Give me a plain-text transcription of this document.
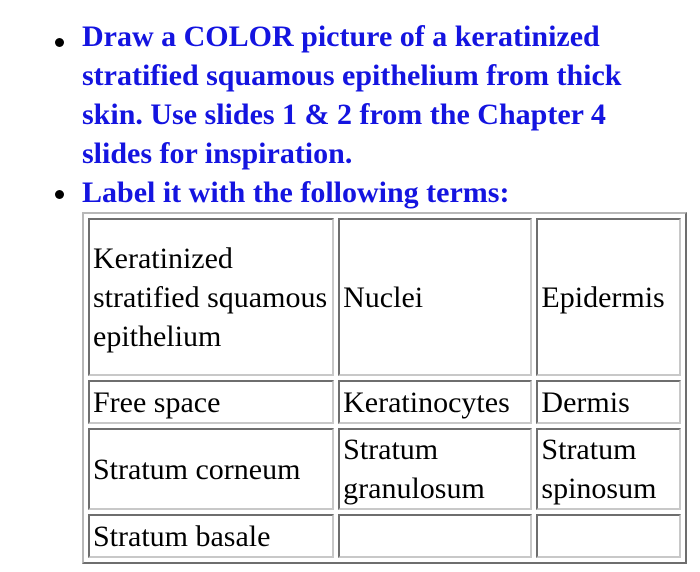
Draw a COLOR picture of a keratinized stratified squamous epithelium from thick skin. Use slides 1 & 2 from the Chapter 4 slides for inspiration.
Label it with the following terms:
Keratinized stratified squamous epithelium	Nuclei	Epidermis

Free space	Keratinocytes	Dermis

Stratum corneum	Stratum granulosum	Stratum spinosum

Stratum basale		
